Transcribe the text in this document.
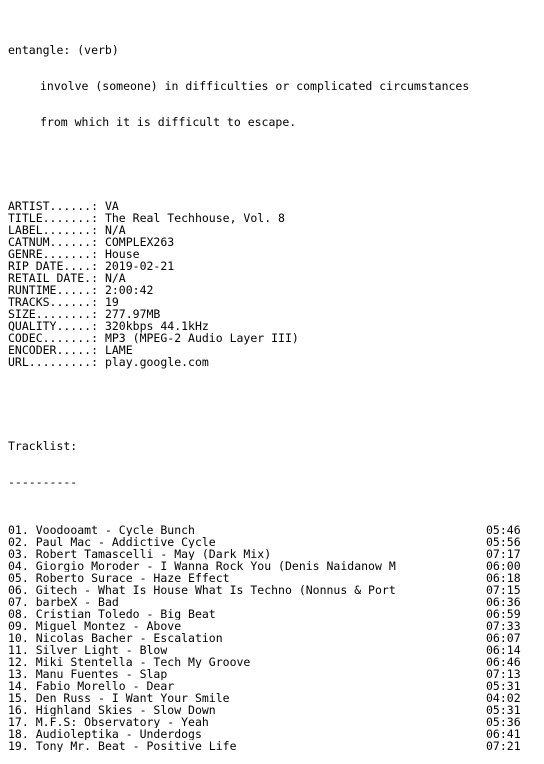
entangle: (verb)

involve (someone) in difficulties or complicated circumstances

from which it is difficult to escape.

ARTIST......: VA
TITLE.......: The Real Techhouse, Vol. 8
LABEL.......: N/A
CATNUM......: COMPLEX263
GENRE.......: House
RIP DATE....: 2019-02-21
RETAIL DATE.: N/A
RUNTIME.....: 2:00:42
TRACKS......: 19
SIZE........: 277.97MB
QUALITY.....: 320kbps 44.1kHz
CODEC.......: MP3 (MPEG-2 Audio Layer III)
ENCODER.....: LAME
URL.........: play.google.com

Tracklist:

----------

01. Voodooamt - Cycle Bunch	05:46
02. Paul Mac - Addictive Cycle	05:56
03. Robert Tamascelli - May (Dark Mix)	07:17
04. Giorgio Moroder - I Wanna Rock You (Denis Naidanow M	06:00
05. Roberto Surace - Haze Effect	06:18
06. Gitech - What Is House What Is Techno (Nonnus & Port	07:15
07. barbeX - Bad	06:36
08. Cristian Toledo - Big Beat	06:59
09. Miguel Montez - Above	07:33
10. Nicolas Bacher - Escalation	06:07
11. Silver Light - Blow	06:14
12. Miki Stentella - Tech My Groove	06:46
13. Manu Fuentes - Slap	07:13
14. Fabio Morello - Dear	05:31
15. Den Russ - I Want Your Smile	04:02
16. Highland Skies - Slow Down	05:31
17. M.F.S: Observatory - Yeah	05:36
18. Audioleptika - Underdogs	06:41
19. Tony Mr. Beat - Positive Life	07:21
